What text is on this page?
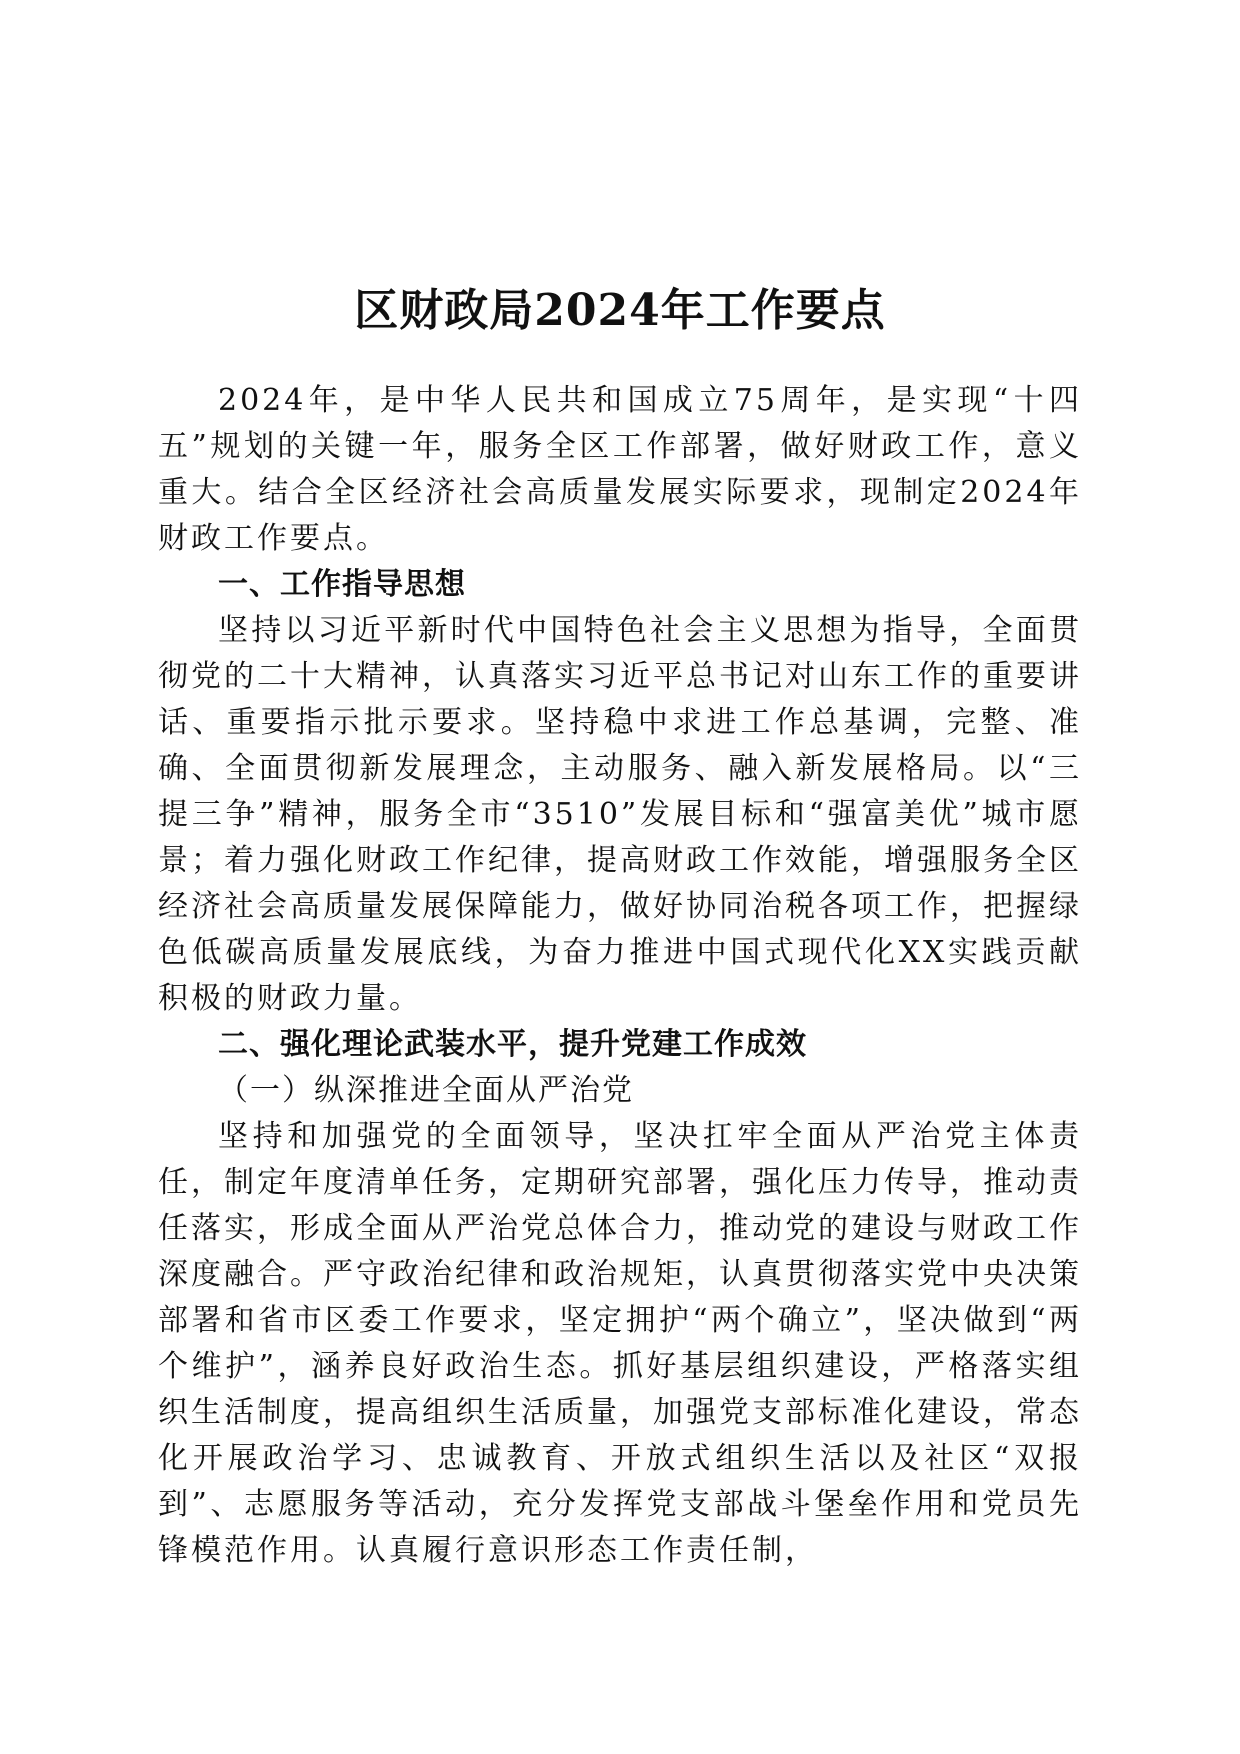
区财政局2024年工作要点

2024年，是中华人民共和国成立75周年，是实现“十四五”规划的关键一年，服务全区工作部署，做好财政工作，意义重大。结合全区经济社会高质量发展实际要求，现制定2024年财政工作要点。

一、工作指导思想

坚持以习近平新时代中国特色社会主义思想为指导，全面贯彻党的二十大精神，认真落实习近平总书记对山东工作的重要讲话、重要指示批示要求。坚持稳中求进工作总基调，完整、准确、全面贯彻新发展理念，主动服务、融入新发展格局。以“三提三争”精神，服务全市“3510”发展目标和“强富美优”城市愿景；着力强化财政工作纪律，提高财政工作效能，增强服务全区经济社会高质量发展保障能力，做好协同治税各项工作，把握绿色低碳高质量发展底线，为奋力推进中国式现代化XX实践贡献积极的财政力量。

二、强化理论武装水平，提升党建工作成效

（一）纵深推进全面从严治党

坚持和加强党的全面领导，坚决扛牢全面从严治党主体责任，制定年度清单任务，定期研究部署，强化压力传导，推动责任落实，形成全面从严治党总体合力，推动党的建设与财政工作深度融合。严守政治纪律和政治规矩，认真贯彻落实党中央决策部署和省市区委工作要求，坚定拥护“两个确立”，坚决做到“两个维护”，涵养良好政治生态。抓好基层组织建设，严格落实组织生活制度，提高组织生活质量，加强党支部标准化建设，常态化开展政治学习、忠诚教育、开放式组织生活以及社区“双报到”、志愿服务等活动，充分发挥党支部战斗堡垒作用和党员先锋模范作用。认真履行意识形态工作责任制，
